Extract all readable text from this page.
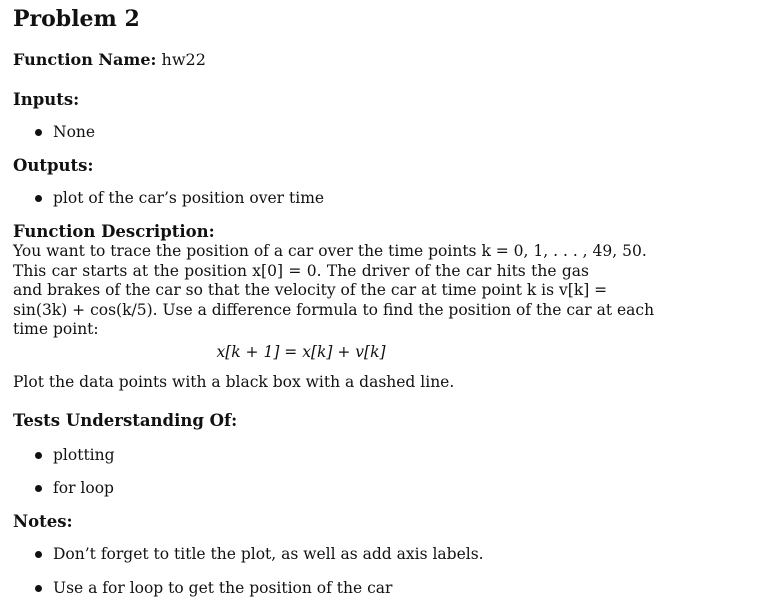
Problem 2
Function Name: hw22
Inputs:
None
Outputs:
plot of the car’s position over time
Function Description:
You want to trace the position of a car over the time points k = 0, 1, . . . , 49, 50.
This car starts at the position x[0] = 0. The driver of the car hits the gas
and brakes of the car so that the velocity of the car at time point k is v[k] =
sin(3k) + cos(k/5). Use a difference formula to find the position of the car at each
time point:
x[k + 1] = x[k] + v[k]
Plot the data points with a black box with a dashed line.
Tests Understanding Of:
plotting
for loop
Notes:
Don’t forget to title the plot, as well as add axis labels.
Use a for loop to get the position of the car
